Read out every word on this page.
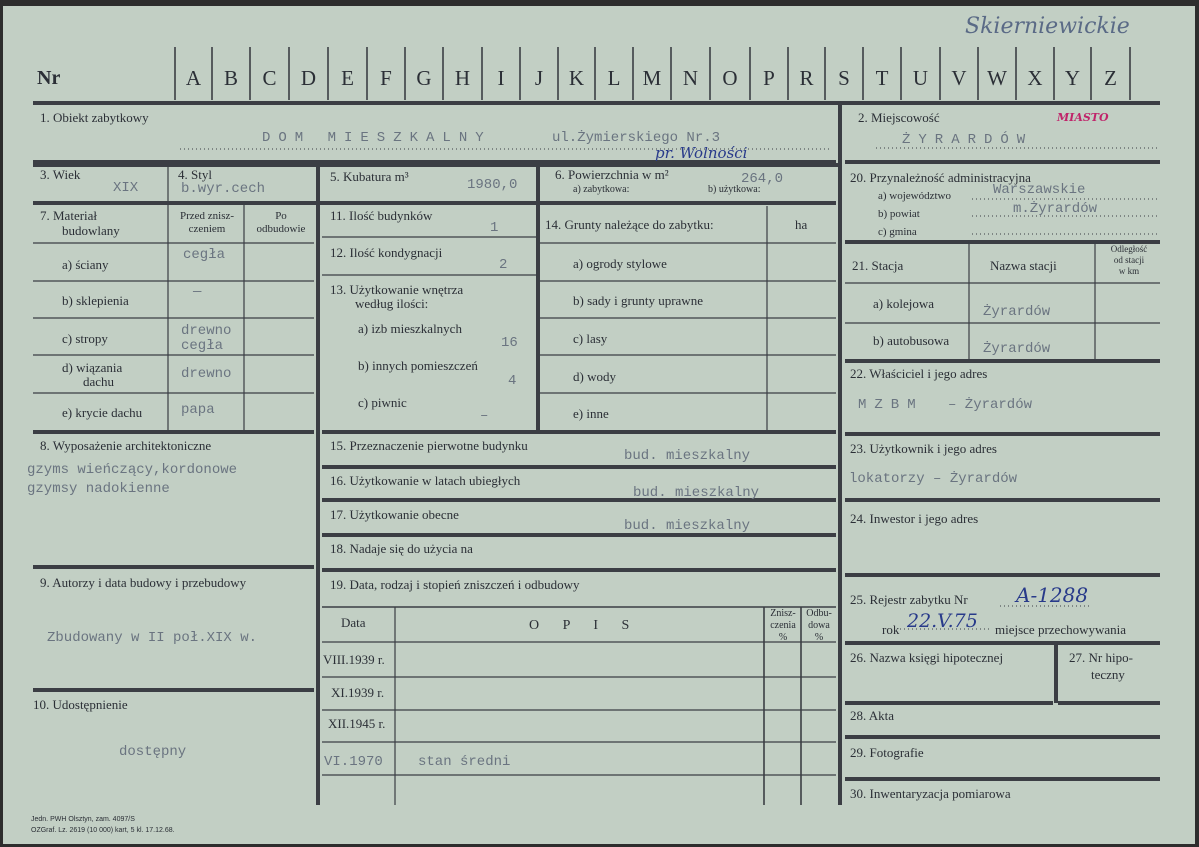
Nr	A	B	C	D	E	F	G	H	I	J	K	L	M	N	O	P	R	S	T	U	V W X	Y	Z
Skierniewickie
1. Obiekt zabytkowy
DOM MIESZKALNY	ul.Żymierskiego Nr.3
pr. Wolności
2. Miejscowość	MIASTO
ŻYRARDÓW
3. Wiek
XIX
4. Styl
b.wyr.cech
5. Kubatura m³
1980,0
6. Powierzchnia w m²
a) zabytkowa:	b) użytkowa:
264,0
7. Materiał
budowlany
Przed znisz-
czeniem
Po
odbudowie
a) ściany
cegła
b) sklepienia
—
c) stropy	drewno
cegła
d) wiązania
dachu	drewno
e) krycie dachu	papa
8. Wyposażenie architektoniczne
gzyms wieńczący,kordonowe
gzymsy nadokienne
9. Autorzy i data budowy i przebudowy
Zbudowany w II poł.XIX w.
10. Udostępnienie
dostępny
11. Ilość budynków
1
12. Ilość kondygnacji
2
13. Użytkowanie wnętrza
według ilości:
a) izb mieszkalnych
16
b) innych pomieszczeń
4
c) piwnic
–
14. Grunty należące do zabytku:	ha
a) ogrody stylowe
b) sady i grunty uprawne
c) lasy
d) wody
e) inne
15. Przeznaczenie pierwotne budynku
bud. mieszkalny
16. Użytkowanie w latach ubiegłych
bud. mieszkalny
17. Użytkowanie obecne
bud. mieszkalny
18. Nadaje się do użycia na
19. Data, rodzaj i stopień zniszczeń i odbudowy
Data	O P I S
Znisz-
czenia
%
Odbu-
dowa
%
VIII.1939 r.
XI.1939 r.
XII.1945 r.
VI.1970	stan średni
20. Przynależność administracyjna
a) województwo	Warszawskie
b) powiat	m.Żyrardów
c) gmina
21. Stacja	Nazwa stacji
Odległość
od stacji
w km
a) kolejowa
Żyrardów
b) autobusowa
Żyrardów
22. Właściciel i jego adres
MZBM – Żyrardów
23. Użytkownik i jego adres
lokatorzy – Żyrardów
24. Inwestor i jego adres
25. Rejestr zabytku Nr A-1288
rok 22.V.75 miejsce przechowywania
26. Nazwa księgi hipotecznej	27. Nr hipo-
teczny
28. Akta
29. Fotografie
30. Inwentaryzacja pomiarowa
Jedn. PWH Olsztyn, zam. 4097/S
OZGraf. Lz. 2619 (10 000) kart, 5 kl. 17.12.68.
